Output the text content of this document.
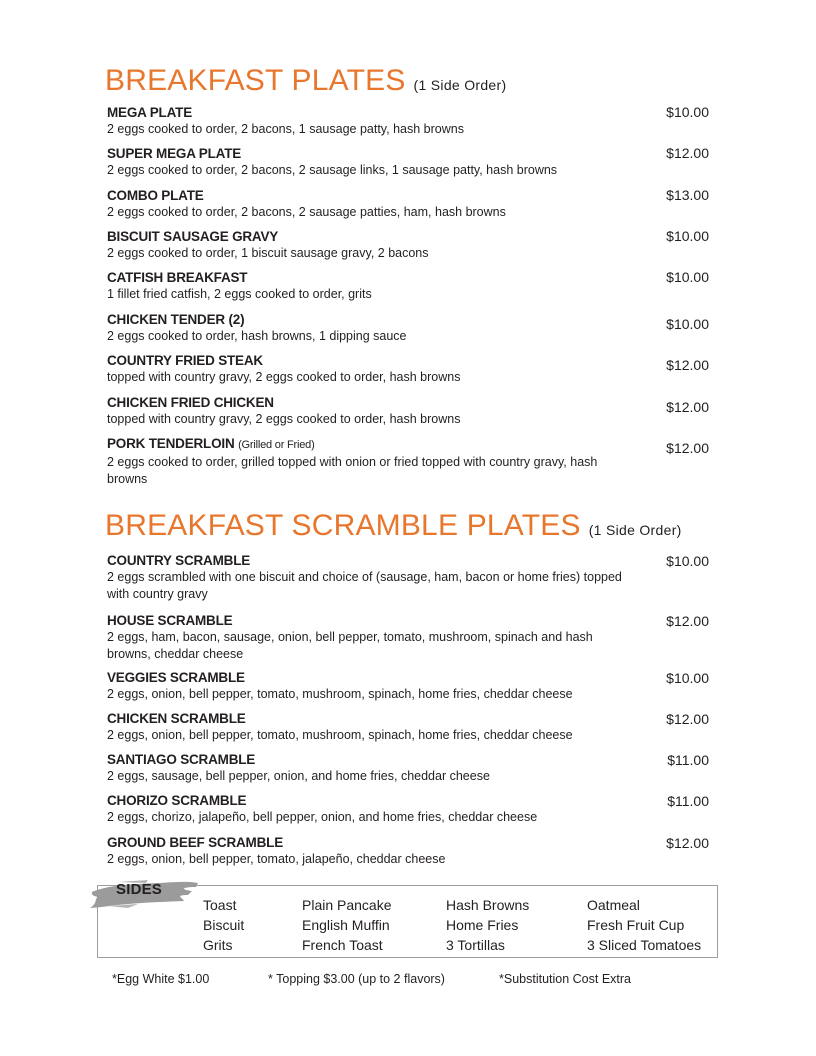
BREAKFAST PLATES (1 Side Order)
MEGA PLATE
2 eggs cooked to order, 2 bacons, 1 sausage patty, hash browns
$10.00
SUPER MEGA PLATE
2 eggs cooked to order, 2 bacons, 2 sausage links, 1 sausage patty, hash browns
$12.00
COMBO PLATE
2 eggs cooked to order, 2 bacons, 2 sausage patties, ham, hash browns
$13.00
BISCUIT SAUSAGE GRAVY
2 eggs cooked to order, 1 biscuit sausage gravy, 2 bacons
$10.00
CATFISH BREAKFAST
1 fillet fried catfish, 2 eggs cooked to order, grits
$10.00
CHICKEN TENDER (2)
2 eggs cooked to order, hash browns, 1 dipping sauce
$10.00
COUNTRY FRIED STEAK
topped with country gravy, 2 eggs cooked to order, hash browns
$12.00
CHICKEN FRIED CHICKEN
topped with country gravy, 2 eggs cooked to order, hash browns
$12.00
PORK TENDERLOIN (Grilled or Fried)
2 eggs cooked to order, grilled topped with onion or fried topped with country gravy, hash browns
$12.00
BREAKFAST SCRAMBLE PLATES (1 Side Order)
COUNTRY SCRAMBLE
2 eggs scrambled with one biscuit and choice of (sausage, ham, bacon or home fries) topped with country gravy
$10.00
HOUSE SCRAMBLE
2 eggs, ham, bacon, sausage, onion, bell pepper, tomato, mushroom, spinach and hash browns, cheddar cheese
$12.00
VEGGIES SCRAMBLE
2 eggs, onion, bell pepper, tomato, mushroom, spinach, home fries, cheddar cheese
$10.00
CHICKEN SCRAMBLE
2 eggs, onion, bell pepper, tomato, mushroom, spinach, home fries, cheddar cheese
$12.00
SANTIAGO SCRAMBLE
2 eggs, sausage, bell pepper, onion, and home fries, cheddar cheese
$11.00
CHORIZO SCRAMBLE
2 eggs, chorizo, jalapeño, bell pepper, onion, and home fries, cheddar cheese
$11.00
GROUND BEEF SCRAMBLE
2 eggs, onion, bell pepper, tomato, jalapeño, cheddar cheese
$12.00
SIDES
Toast
Biscuit
Grits
Plain Pancake
English Muffin
French Toast
Hash Browns
Home Fries
3 Tortillas
Oatmeal
Fresh Fruit Cup
3 Sliced Tomatoes
*Egg White $1.00	* Topping $3.00 (up to 2 flavors)	*Substitution Cost Extra
